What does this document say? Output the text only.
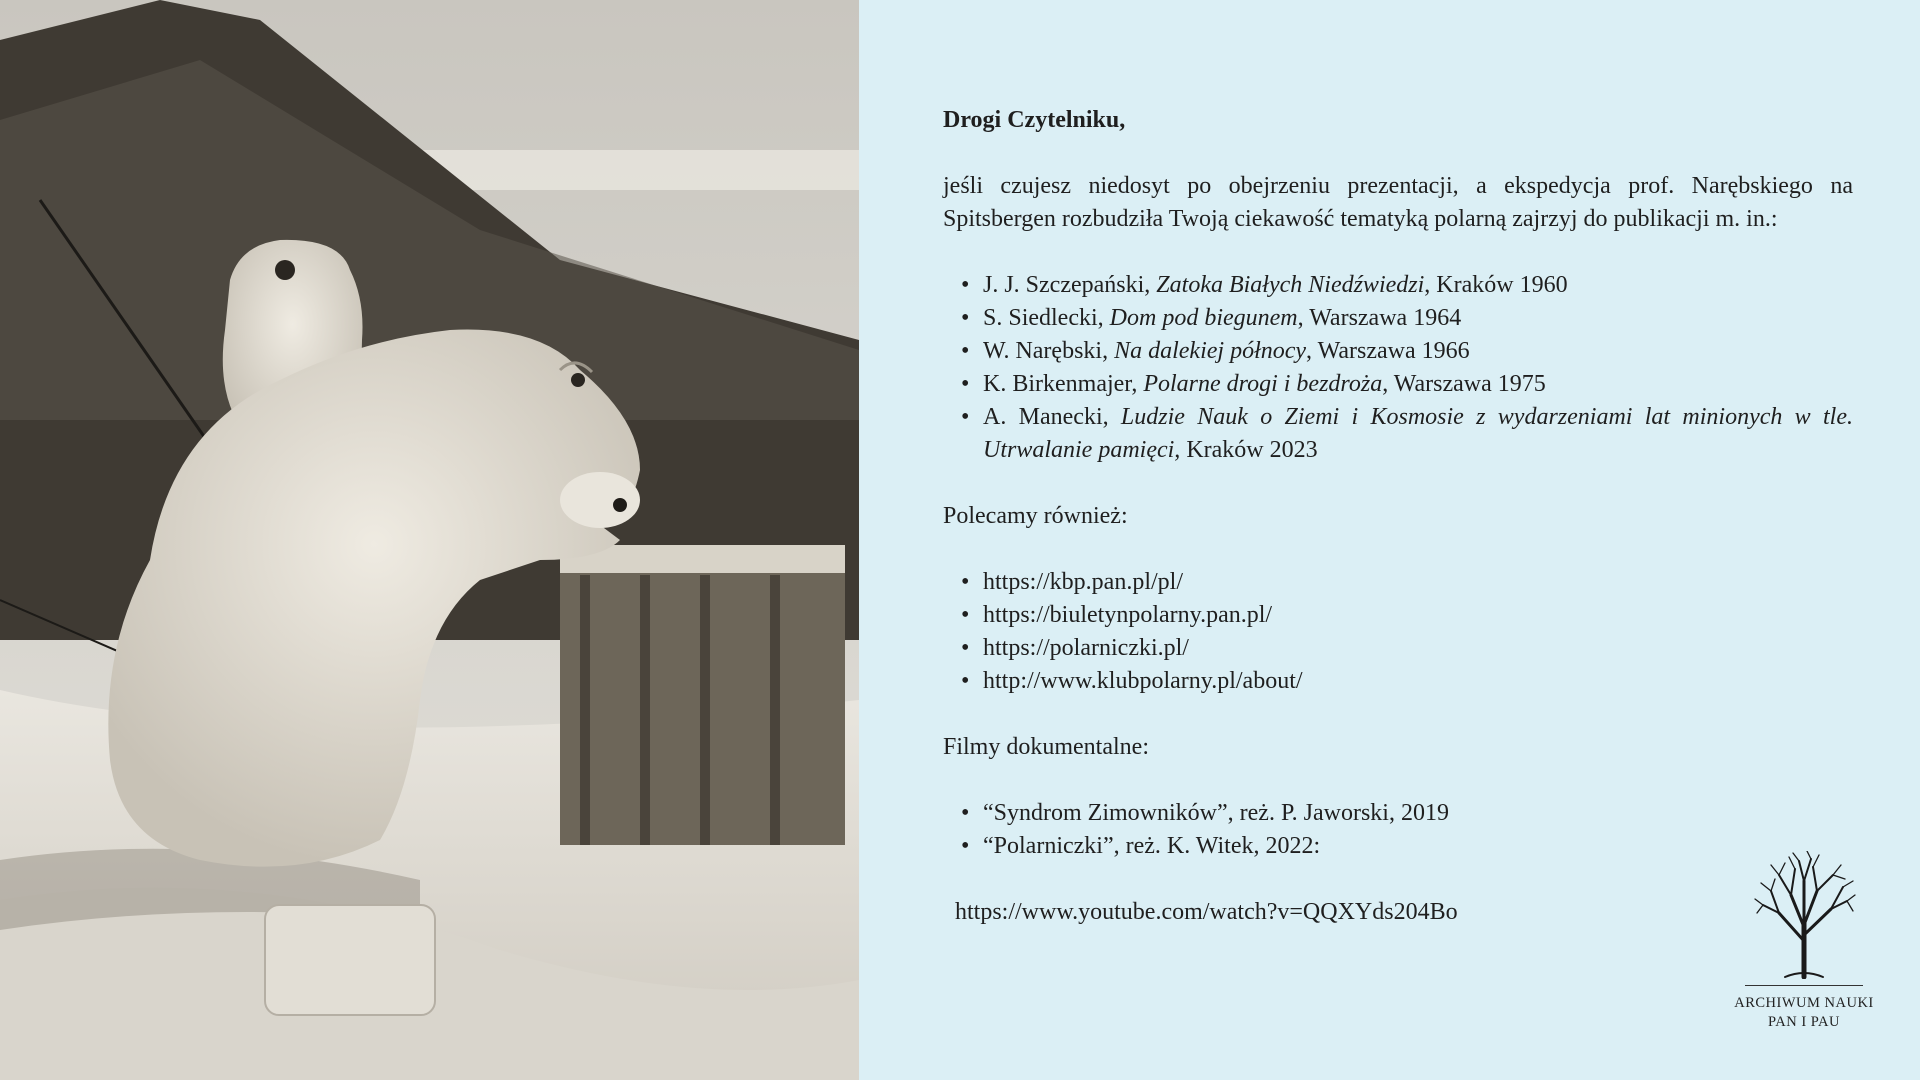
Drogi Czytelniku,

jeśli czujesz niedosyt po obejrzeniu prezentacji, a ekspedycja prof. Narębskiego na Spitsbergen rozbudziła Twoją ciekawość tematyką polarną zajrzyj do publikacji m. in.:

• J. J. Szczepański, Zatoka Białych Niedźwiedzi, Kraków 1960
• S. Siedlecki, Dom pod biegunem, Warszawa 1964
• W. Narębski, Na dalekiej północy, Warszawa 1966
• K. Birkenmajer, Polarne drogi i bezdroża, Warszawa 1975
• A. Manecki, Ludzie Nauk o Ziemi i Kosmosie z wydarzeniami lat minionych w tle. Utrwalanie pamięci, Kraków 2023

Polecamy również:

• https://kbp.pan.pl/pl/
• https://biuletynpolarny.pan.pl/
• https://polarniczki.pl/
• http://www.klubpolarny.pl/about/

Filmy dokumentalne:

• “Syndrom Zimowników”, reż. P. Jaworski, 2019
• “Polarniczki”, reż. K. Witek, 2022:

https://www.youtube.com/watch?v=QQXYds204Bo

ARCHIWUM NAUKI
PAN I PAU
